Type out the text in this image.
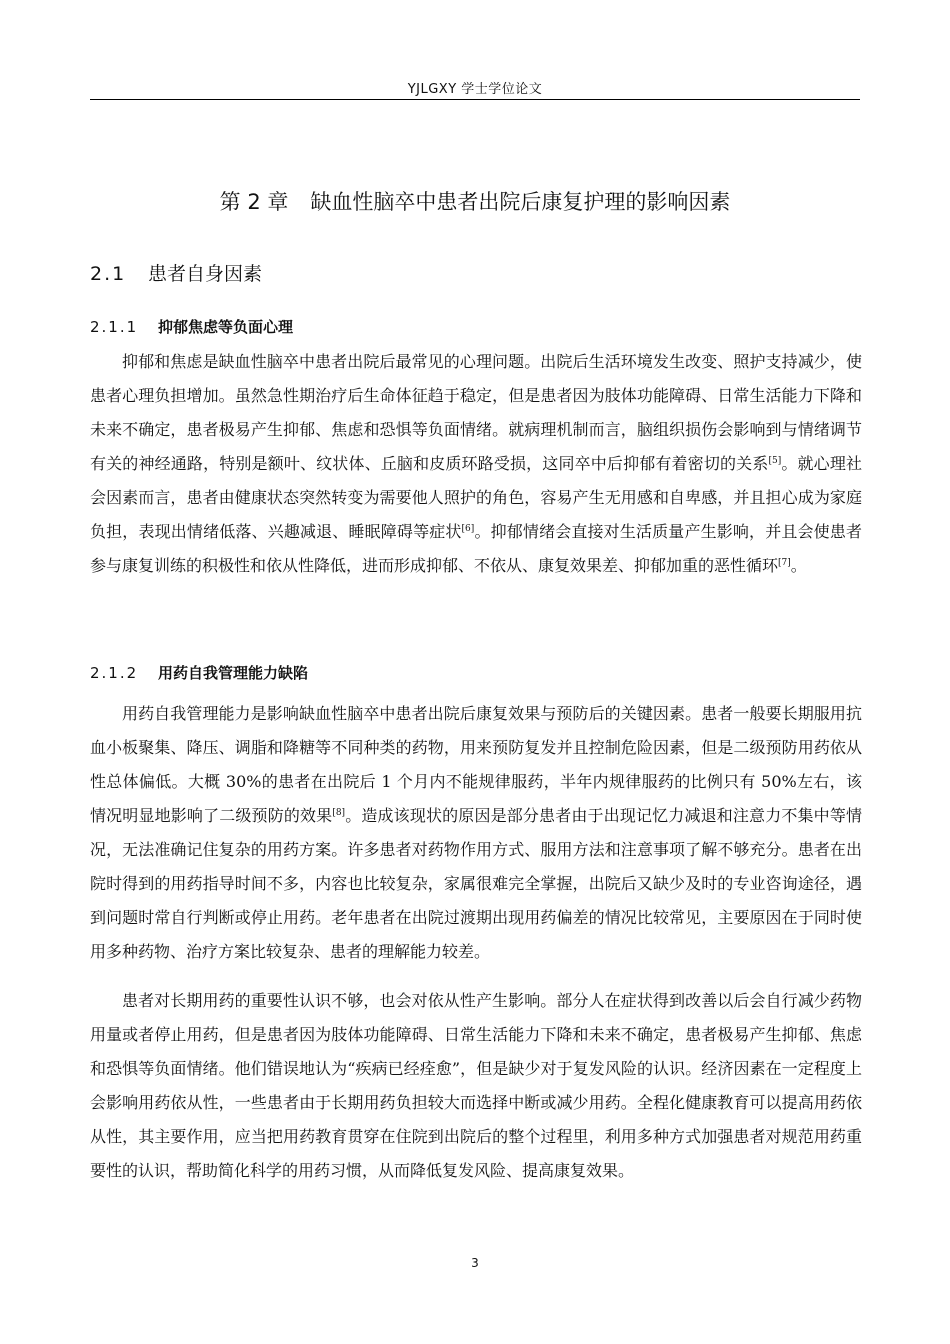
YJLGXY 学士学位论文
第 2 章 缺血性脑卒中患者出院后康复护理的影响因素
2.1 患者自身因素
2.1.1 抑郁焦虑等负面心理

抑郁和焦虑是缺血性脑卒中患者出院后最常见的心理问题。出院后生活环境发生改变、照护支持减少，使患者心理负担增加。虽然急性期治疗后生命体征趋于稳定，但是患者因为肢体功能障碍、日常生活能力下降和未来不确定，患者极易产生抑郁、焦虑和恐惧等负面情绪。就病理机制而言，脑组织损伤会影响到与情绪调节有关的神经通路，特别是额叶、纹状体、丘脑和皮质环路受损，这同卒中后抑郁有着密切的关系[5]。就心理社会因素而言，患者由健康状态突然转变为需要他人照护的角色，容易产生无用感和自卑感，并且担心成为家庭负担，表现出情绪低落、兴趣减退、睡眠障碍等症状[6]。抑郁情绪会直接对生活质量产生影响，并且会使患者参与康复训练的积极性和依从性降低，进而形成抑郁、不依从、康复效果差、抑郁加重的恶性循环[7]。

2.1.2 用药自我管理能力缺陷

用药自我管理能力是影响缺血性脑卒中患者出院后康复效果与预防后的关键因素。患者一般要长期服用抗血小板聚集、降压、调脂和降糖等不同种类的药物，用来预防复发并且控制危险因素，但是二级预防用药依从性总体偏低。大概 30%的患者在出院后 1 个月内不能规律服药，半年内规律服药的比例只有 50%左右，该情况明显地影响了二级预防的效果[8]。造成该现状的原因是部分患者由于出现记忆力减退和注意力不集中等情况，无法准确记住复杂的用药方案。许多患者对药物作用方式、服用方法和注意事项了解不够充分。患者在出院时得到的用药指导时间不多，内容也比较复杂，家属很难完全掌握，出院后又缺少及时的专业咨询途径，遇到问题时常自行判断或停止用药。老年患者在出院过渡期出现用药偏差的情况比较常见，主要原因在于同时使用多种药物、治疗方案比较复杂、患者的理解能力较差。

患者对长期用药的重要性认识不够，也会对依从性产生影响。部分人在症状得到改善以后会自行减少药物用量或者停止用药，但是患者因为肢体功能障碍、日常生活能力下降和未来不确定，患者极易产生抑郁、焦虑和恐惧等负面情绪。他们错误地认为“疾病已经痊愈”，但是缺少对于复发风险的认识。经济因素在一定程度上会影响用药依从性，一些患者由于长期用药负担较大而选择中断或减少用药。全程化健康教育可以提高用药依从性，其主要作用，应当把用药教育贯穿在住院到出院后的整个过程里，利用多种方式加强患者对规范用药重要性的认识，帮助简化科学的用药习惯，从而降低复发风险、提高康复效果。

3
